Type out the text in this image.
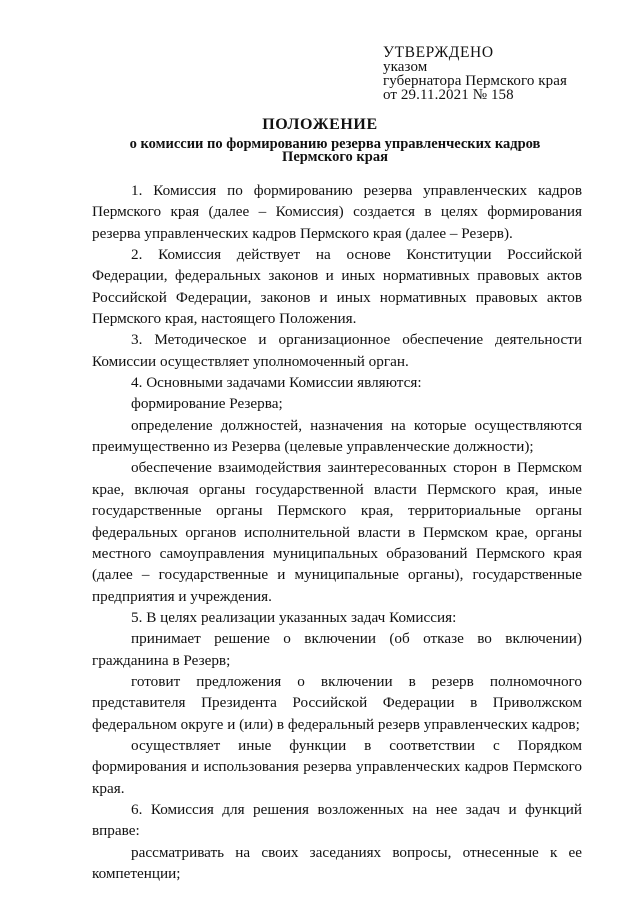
УТВЕРЖДЕНО
указом
губернатора Пермского края
от 29.11.2021 № 158
ПОЛОЖЕНИЕ
о комиссии по формированию резерва управленческих кадров Пермского края

1. Комиссия по формированию резерва управленческих кадров Пермского края (далее – Комиссия) создается в целях формирования резерва управленческих кадров Пермского края (далее – Резерв).

2. Комиссия действует на основе Конституции Российской Федерации, федеральных законов и иных нормативных правовых актов Российской Федерации, законов и иных нормативных правовых актов Пермского края, настоящего Положения.

3. Методическое и организационное обеспечение деятельности Комиссии осуществляет уполномоченный орган.

4. Основными задачами Комиссии являются:

формирование Резерва;

определение должностей, назначения на которые осуществляются преимущественно из Резерва (целевые управленческие должности);

обеспечение взаимодействия заинтересованных сторон в Пермском крае, включая органы государственной власти Пермского края, иные государственные органы Пермского края, территориальные органы федеральных органов исполнительной власти в Пермском крае, органы местного самоуправления муниципальных образований Пермского края (далее – государственные и муниципальные органы), государственные предприятия и учреждения.

5. В целях реализации указанных задач Комиссия:

принимает решение о включении (об отказе во включении) гражданина в Резерв;

готовит предложения о включении в резерв полномочного представителя Президента Российской Федерации в Приволжском федеральном округе и (или) в федеральный резерв управленческих кадров;

осуществляет иные функции в соответствии с Порядком формирования и использования резерва управленческих кадров Пермского края.

6. Комиссия для решения возложенных на нее задач и функций вправе:

рассматривать на своих заседаниях вопросы, отнесенные к ее компетенции;
